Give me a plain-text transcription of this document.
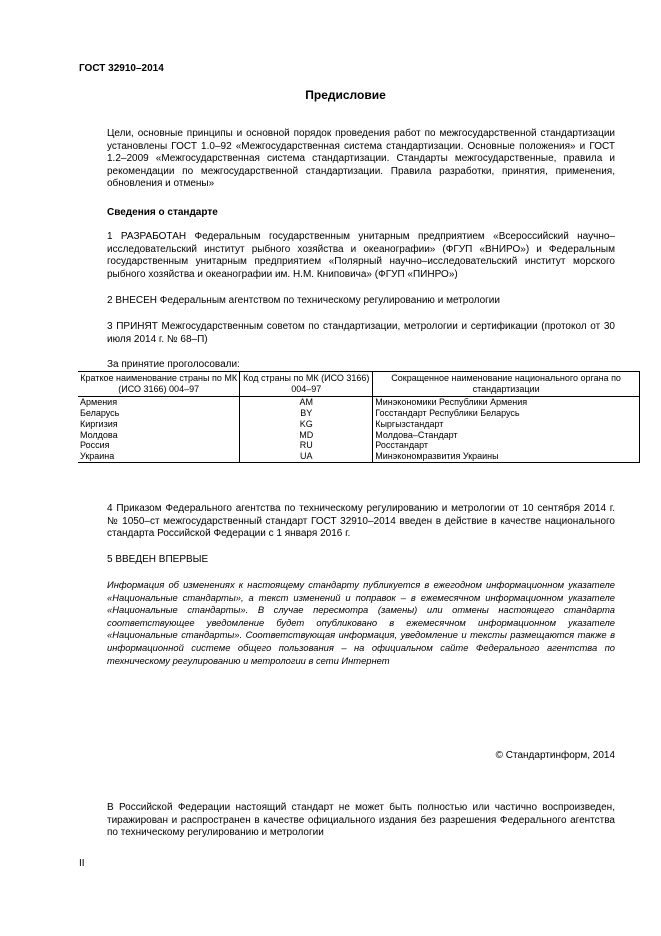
ГОСТ 32910–2014
Предисловие
Цели, основные принципы и основной порядок проведения работ по межгосударственной стандартизации установлены ГОСТ 1.0–92 «Межгосударственная система стандартизации. Основные положения» и ГОСТ 1.2–2009 «Межгосударственная система стандартизации. Стандарты межгосударственные, правила и рекомендации по межгосударственной стандартизации. Правила разработки, принятия, применения, обновления и отмены»
Сведения о стандарте
1 РАЗРАБОТАН Федеральным государственным унитарным предприятием «Всероссийский научно–исследовательский институт рыбного хозяйства и океанографии» (ФГУП «ВНИРО») и Федеральным государственным унитарным предприятием «Полярный научно–исследовательский институт морского рыбного хозяйства и океанографии им. Н.М. Книповича» (ФГУП «ПИНРО»)
2 ВНЕСЕН Федеральным агентством по техническому регулированию и метрологии
3 ПРИНЯТ Межгосударственным советом по стандартизации, метрологии и сертификации (протокол от 30 июля 2014 г. № 68–П)
За принятие проголосовали:
Краткое наименование страны по МК (ИСО 3166) 004–97	Код страны по МК (ИСО 3166) 004–97	Сокращенное наименование национального органа по стандартизации
Армения	AM	Минэкономики Республики Армения
Беларусь	BY	Госстандарт Республики Беларусь
Киргизия	KG	Кыргызстандарт
Молдова	MD	Молдова–Стандарт
Россия	RU	Росстандарт
Украина	UA	Минэкономразвития Украины
4 Приказом Федерального агентства по техническому регулированию и метрологии от 10 сентября 2014 г. № 1050–ст межгосударственный стандарт ГОСТ 32910–2014 введен в действие в качестве национального стандарта Российской Федерации с 1 января 2016 г.
5 ВВЕДЕН ВПЕРВЫЕ
Информация об изменениях к настоящему стандарту публикуется в ежегодном информационном указателе «Национальные стандарты», а текст изменений и поправок – в ежемесячном информационном указателе «Национальные стандарты». В случае пересмотра (замены) или отмены настоящего стандарта соответствующее уведомление будет опубликовано в ежемесячном информационном указателе «Национальные стандарты». Соответствующая информация, уведомление и тексты размещаются также в информационной системе общего пользования – на официальном сайте Федерального агентства по техническому регулированию и метрологии в сети Интернет
© Стандартинформ, 2014
В Российской Федерации настоящий стандарт не может быть полностью или частично воспроизведен, тиражирован и распространен в качестве официального издания без разрешения Федерального агентства по техническому регулированию и метрологии
II
